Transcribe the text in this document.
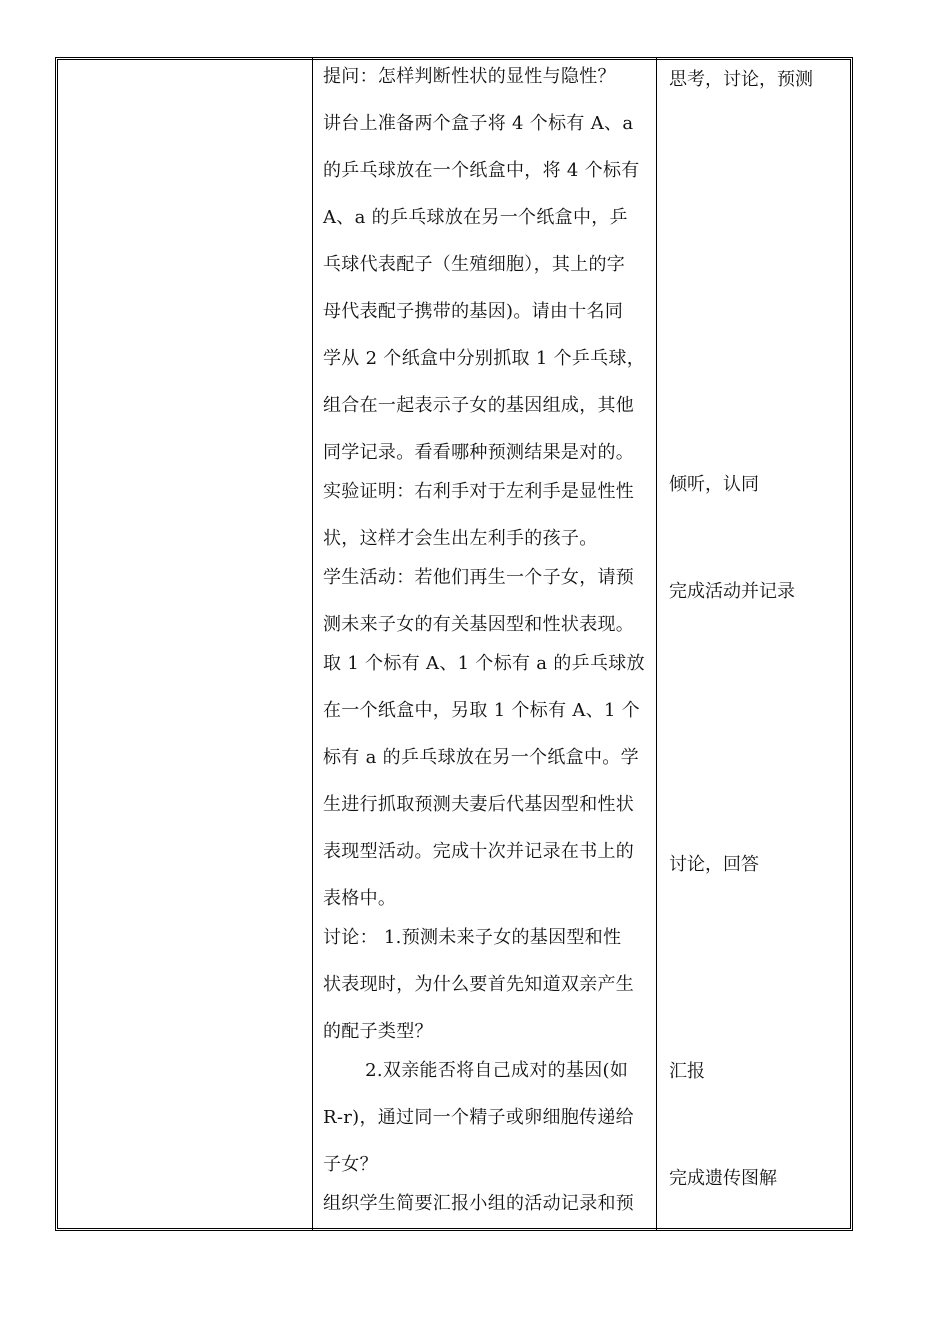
提问：怎样判断性状的显性与隐性？
讲台上准备两个盒子将 4 个标有 A、a
的乒乓球放在一个纸盒中，将 4 个标有
A、a 的乒乓球放在另一个纸盒中，乒
乓球代表配子（生殖细胞），其上的字
母代表配子携带的基因)。请由十名同
学从 2 个纸盒中分别抓取 1 个乒乓球，
组合在一起表示子女的基因组成，其他
同学记录。看看哪种预测结果是对的。
实验证明：右利手对于左利手是显性性
状，这样才会生出左利手的孩子。
学生活动：若他们再生一个子女，请预
测未来子女的有关基因型和性状表现。
取 1 个标有 A、1 个标有 a 的乒乓球放
在一个纸盒中，另取 1 个标有 A、1 个
标有 a 的乒乓球放在另一个纸盒中。学
生进行抓取预测夫妻后代基因型和性状
表现型活动。完成十次并记录在书上的
表格中。
讨论： 1.预测未来子女的基因型和性
状表现时，为什么要首先知道双亲产生
的配子类型？
2.双亲能否将自己成对的基因(如
R-r)，通过同一个精子或卵细胞传递给
子女？
组织学生简要汇报小组的活动记录和预
思考，讨论，预测
倾听，认同
完成活动并记录
讨论，回答
汇报
完成遗传图解
